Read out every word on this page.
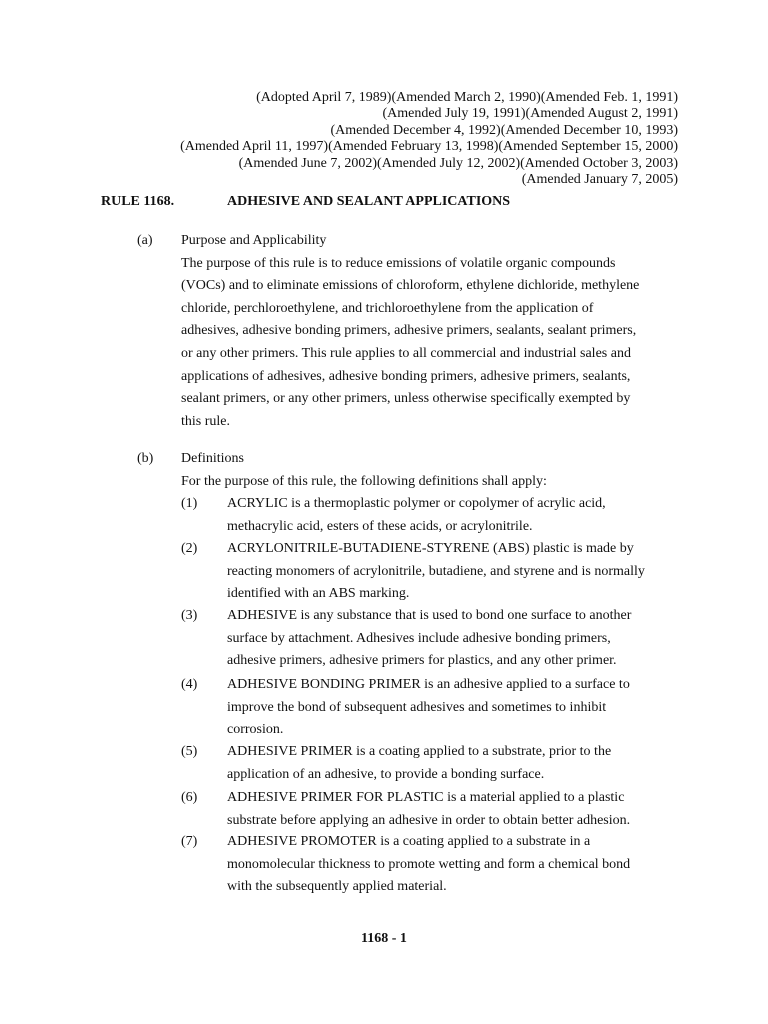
(Adopted April 7, 1989)(Amended March 2, 1990)(Amended Feb. 1, 1991)
(Amended July 19, 1991)(Amended August 2, 1991)
(Amended December 4, 1992)(Amended December 10, 1993)
(Amended April 11, 1997)(Amended February 13, 1998)(Amended September 15, 2000)
(Amended June 7, 2002)(Amended July 12, 2002)(Amended October 3, 2003)
(Amended January 7, 2005)
RULE 1168.	ADHESIVE AND SEALANT APPLICATIONS
(a) Purpose and Applicability
The purpose of this rule is to reduce emissions of volatile organic compounds
(VOCs) and to eliminate emissions of chloroform, ethylene dichloride, methylene
chloride, perchloroethylene, and trichloroethylene from the application of
adhesives, adhesive bonding primers, adhesive primers, sealants, sealant primers,
or any other primers. This rule applies to all commercial and industrial sales and
applications of adhesives, adhesive bonding primers, adhesive primers, sealants,
sealant primers, or any other primers, unless otherwise specifically exempted by
this rule.
(b) Definitions
For the purpose of this rule, the following definitions shall apply:
(1) ACRYLIC is a thermoplastic polymer or copolymer of acrylic acid,
methacrylic acid, esters of these acids, or acrylonitrile.
(2) ACRYLONITRILE-BUTADIENE-STYRENE (ABS) plastic is made by
reacting monomers of acrylonitrile, butadiene, and styrene and is normally
identified with an ABS marking.
(3) ADHESIVE is any substance that is used to bond one surface to another
surface by attachment. Adhesives include adhesive bonding primers,
adhesive primers, adhesive primers for plastics, and any other primer.
(4) ADHESIVE BONDING PRIMER is an adhesive applied to a surface to
improve the bond of subsequent adhesives and sometimes to inhibit
corrosion.
(5) ADHESIVE PRIMER is a coating applied to a substrate, prior to the
application of an adhesive, to provide a bonding surface.
(6) ADHESIVE PRIMER FOR PLASTIC is a material applied to a plastic
substrate before applying an adhesive in order to obtain better adhesion.
(7) ADHESIVE PROMOTER is a coating applied to a substrate in a
monomolecular thickness to promote wetting and form a chemical bond
with the subsequently applied material.
1168 - 1
